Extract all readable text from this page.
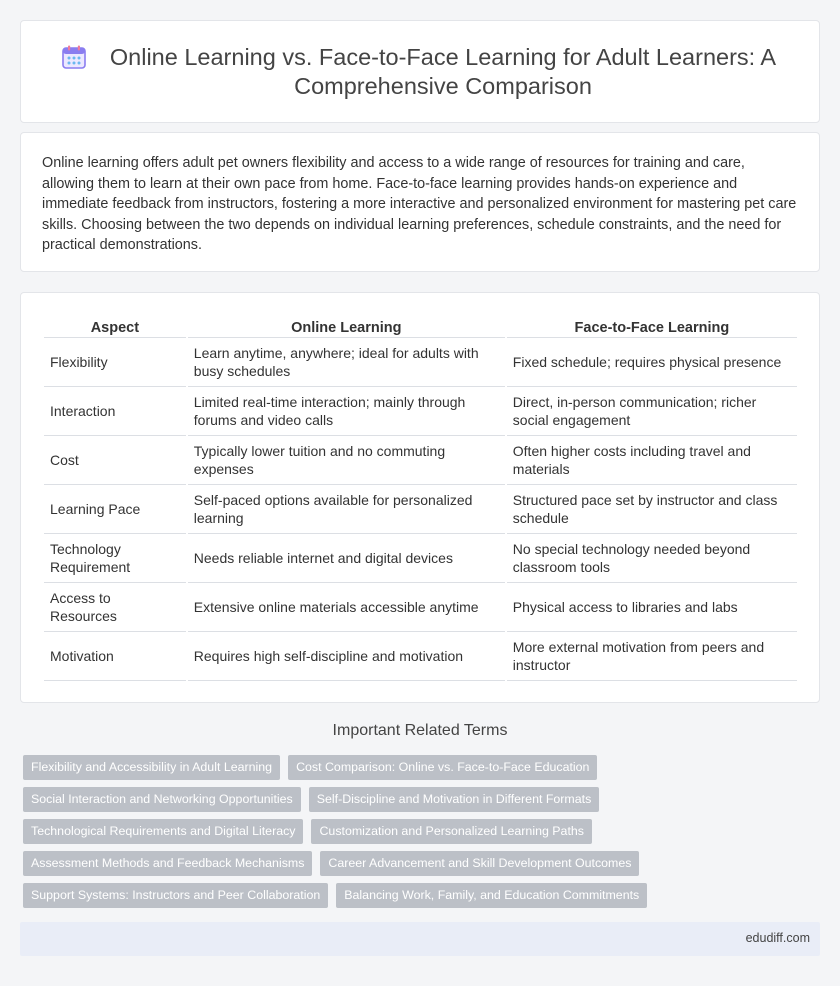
Online Learning vs. Face-to-Face Learning for Adult Learners: A Comprehensive Comparison

Online learning offers adult pet owners flexibility and access to a wide range of resources for training and care, allowing them to learn at their own pace from home. Face-to-face learning provides hands-on experience and immediate feedback from instructors, fostering a more interactive and personalized environment for mastering pet care skills. Choosing between the two depends on individual learning preferences, schedule constraints, and the need for practical demonstrations.

Aspect	Online Learning	Face-to-Face Learning
Flexibility	Learn anytime, anywhere; ideal for adults with busy schedules	Fixed schedule; requires physical presence
Interaction	Limited real-time interaction; mainly through forums and video calls	Direct, in-person communication; richer social engagement
Cost	Typically lower tuition and no commuting expenses	Often higher costs including travel and materials
Learning Pace	Self-paced options available for personalized learning	Structured pace set by instructor and class schedule
Technology Requirement	Needs reliable internet and digital devices	No special technology needed beyond classroom tools
Access to Resources	Extensive online materials accessible anytime	Physical access to libraries and labs
Motivation	Requires high self-discipline and motivation	More external motivation from peers and instructor
Important Related Terms
Flexibility and Accessibility in Adult Learning	Cost Comparison: Online vs. Face-to-Face Education
Social Interaction and Networking Opportunities	Self-Discipline and Motivation in Different Formats
Technological Requirements and Digital Literacy	Customization and Personalized Learning Paths
Assessment Methods and Feedback Mechanisms	Career Advancement and Skill Development Outcomes
Support Systems: Instructors and Peer Collaboration	Balancing Work, Family, and Education Commitments
edudiff.com
